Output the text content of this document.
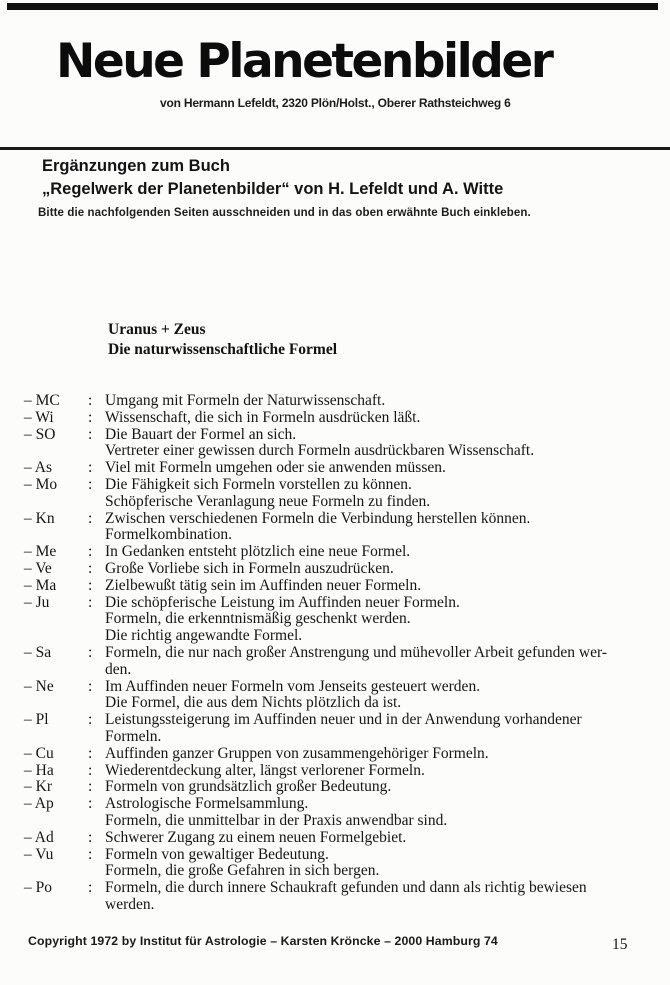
Neue Planetenbilder
von Hermann Lefeldt, 2320 Plön/Holst., Oberer Rathsteichweg 6
Ergänzungen zum Buch
„Regelwerk der Planetenbilder“ von H. Lefeldt und A. Witte
Bitte die nachfolgenden Seiten ausschneiden und in das oben erwähnte Buch einkleben.
Uranus + Zeus
Die naturwissenschaftliche Formel
– MC	: Umgang mit Formeln der Naturwissenschaft.
– Wi	: Wissenschaft, die sich in Formeln ausdrücken läßt.
– SO	: Die Bauart der Formel an sich.
Vertreter einer gewissen durch Formeln ausdrückbaren Wissenschaft.
– As	: Viel mit Formeln umgehen oder sie anwenden müssen.
– Mo	: Die Fähigkeit sich Formeln vorstellen zu können.
Schöpferische Veranlagung neue Formeln zu finden.
– Kn	: Zwischen verschiedenen Formeln die Verbindung herstellen können.
Formelkombination.
– Me	: In Gedanken entsteht plötzlich eine neue Formel.
– Ve	: Große Vorliebe sich in Formeln auszudrücken.
– Ma	: Zielbewußt tätig sein im Auffinden neuer Formeln.
– Ju	: Die schöpferische Leistung im Auffinden neuer Formeln.
Formeln, die erkenntnismäßig geschenkt werden.
Die richtig angewandte Formel.
– Sa	: Formeln, die nur nach großer Anstrengung und mühevoller Arbeit gefunden wer-
den.
– Ne	: Im Auffinden neuer Formeln vom Jenseits gesteuert werden.
Die Formel, die aus dem Nichts plötzlich da ist.
– Pl	: Leistungssteigerung im Auffinden neuer und in der Anwendung vorhandener
Formeln.
– Cu	: Auffinden ganzer Gruppen von zusammengehöriger Formeln.
– Ha	: Wiederentdeckung alter, längst verlorener Formeln.
– Kr	: Formeln von grundsätzlich großer Bedeutung.
– Ap	: Astrologische Formelsammlung.
Formeln, die unmittelbar in der Praxis anwendbar sind.
– Ad	: Schwerer Zugang zu einem neuen Formelgebiet.
– Vu	: Formeln von gewaltiger Bedeutung.
Formeln, die große Gefahren in sich bergen.
– Po	: Formeln, die durch innere Schaukraft gefunden und dann als richtig bewiesen
werden.
Copyright 1972 by Institut für Astrologie – Karsten Kröncke – 2000 Hamburg 74	15
